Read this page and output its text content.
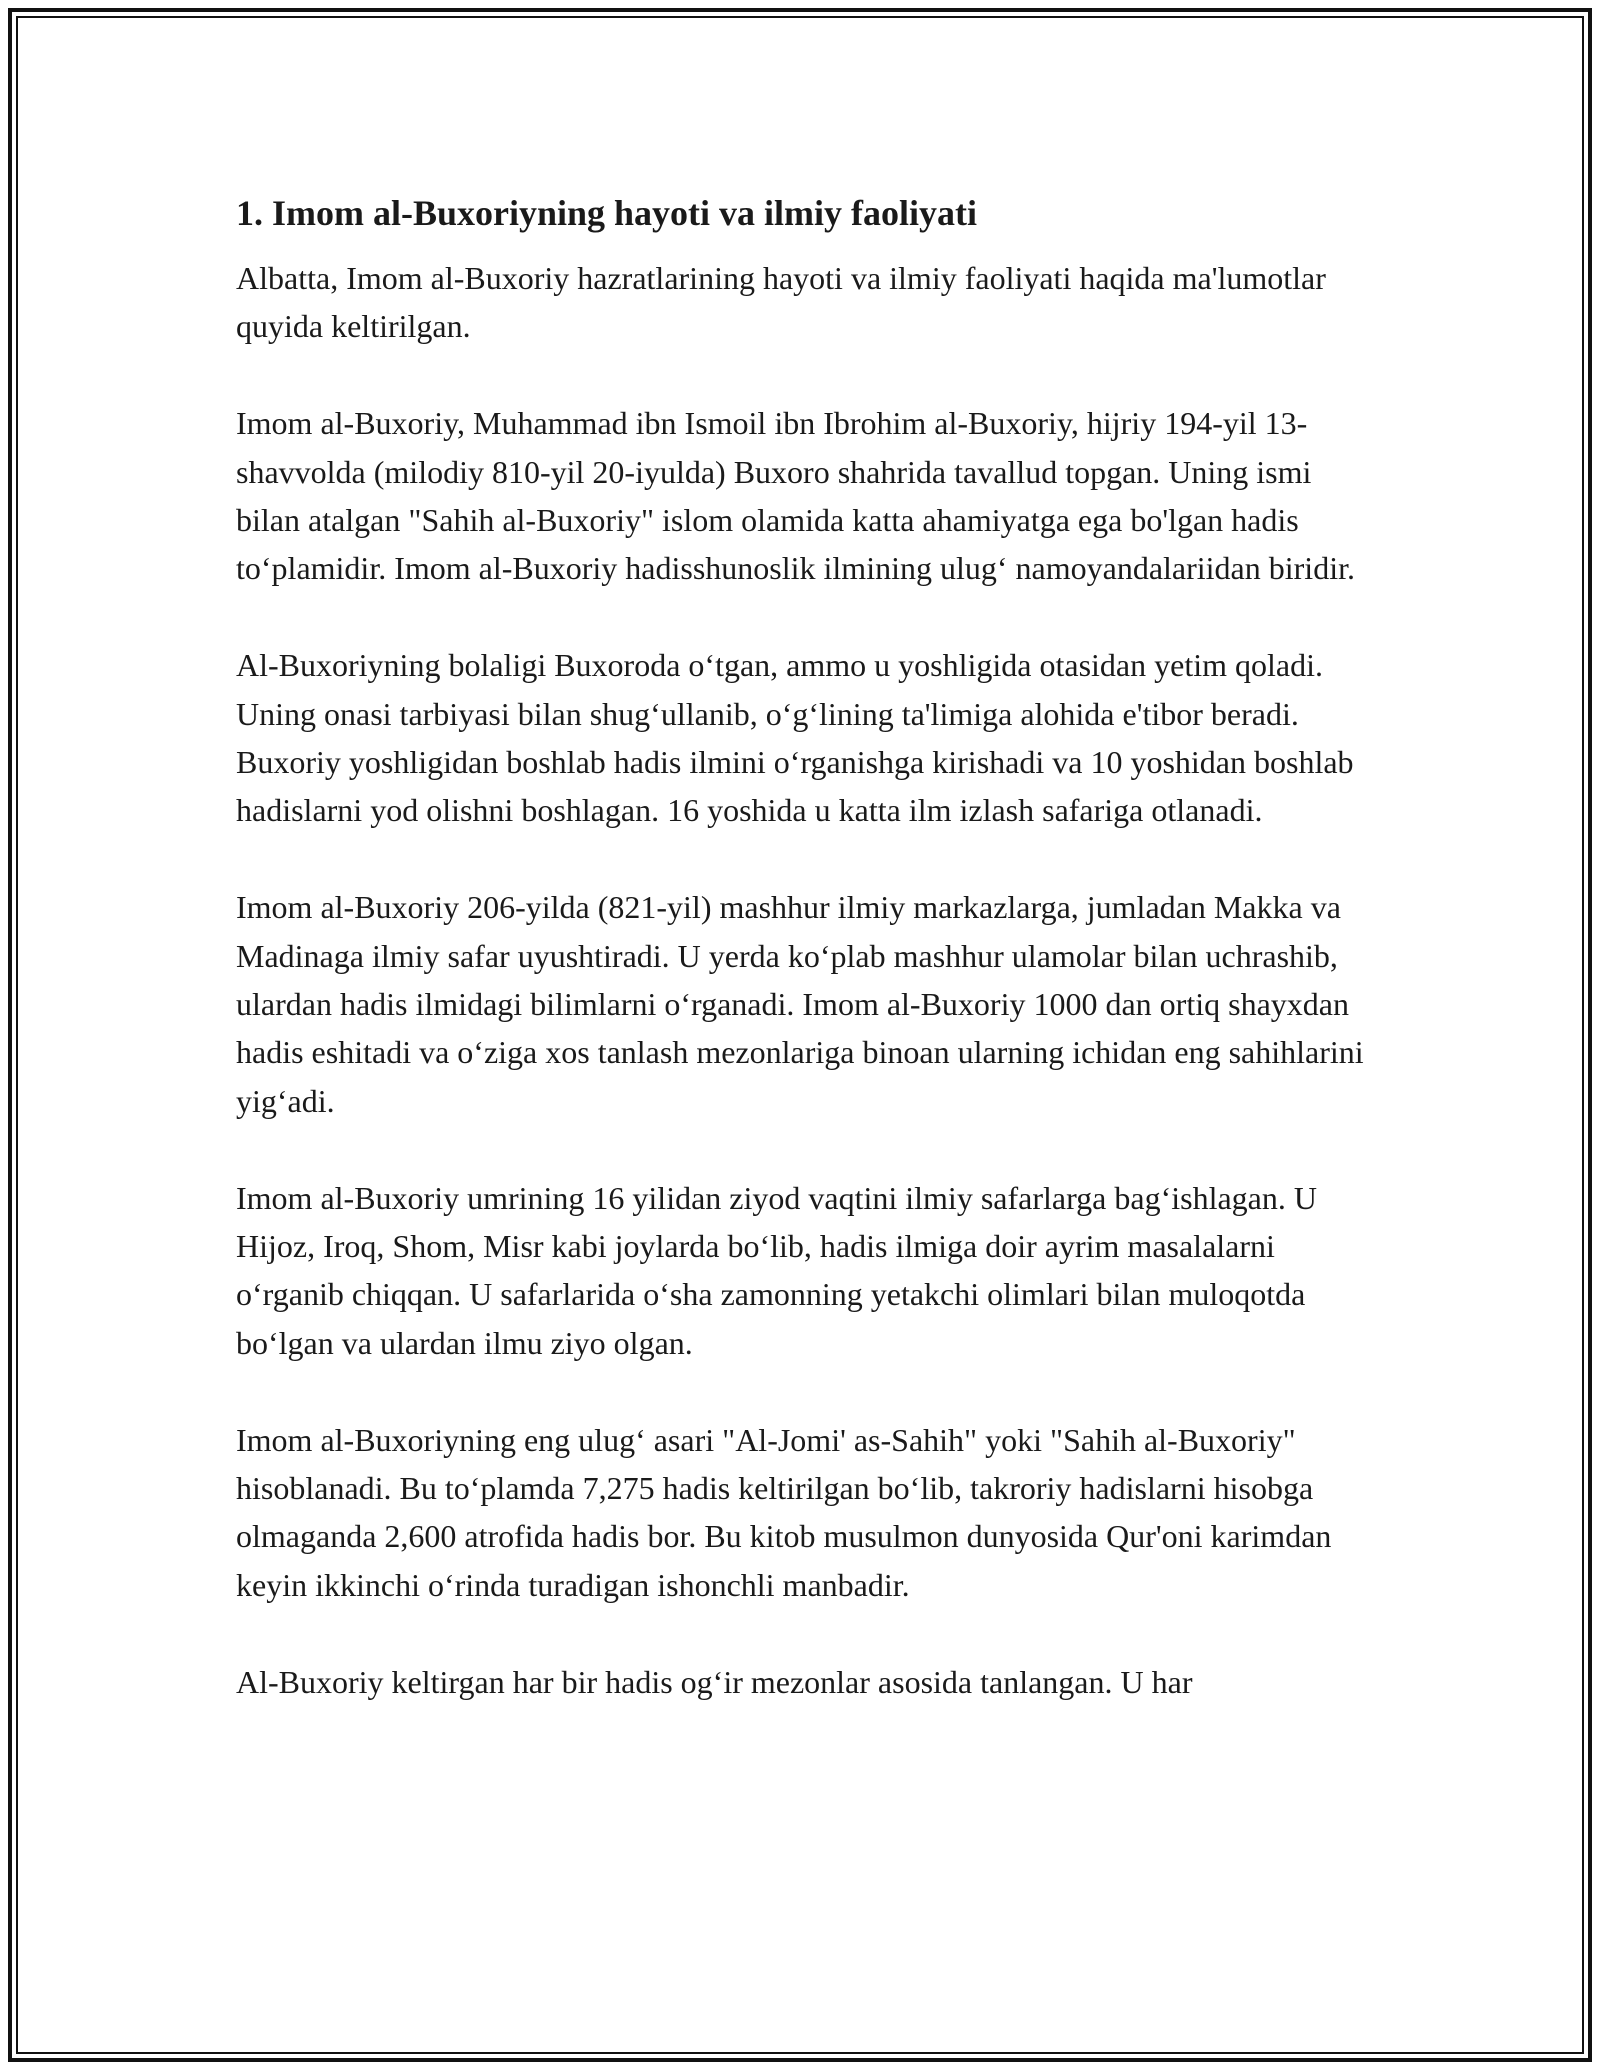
1. Imom al-Buxoriyning hayoti va ilmiy faoliyati

Albatta, Imom al-Buxoriy hazratlarining hayoti va ilmiy faoliyati haqida ma'lumotlar quyida keltirilgan.

Imom al-Buxoriy, Muhammad ibn Ismoil ibn Ibrohim al-Buxoriy, hijriy 194-yil 13-shavvolda (milodiy 810-yil 20-iyulda) Buxoro shahrida tavallud topgan. Uning ismi bilan atalgan "Sahih al-Buxoriy" islom olamida katta ahamiyatga ega bo'lgan hadis to‘plamidir. Imom al-Buxoriy hadisshunoslik ilmining ulug‘ namoyandalariidan biridir.

Al-Buxoriyning bolaligi Buxoroda o‘tgan, ammo u yoshligida otasidan yetim qoladi. Uning onasi tarbiyasi bilan shug‘ullanib, o‘g‘lining ta'limiga alohida e'tibor beradi. Buxoriy yoshligidan boshlab hadis ilmini o‘rganishga kirishadi va 10 yoshidan boshlab hadislarni yod olishni boshlagan. 16 yoshida u katta ilm izlash safariga otlanadi.

Imom al-Buxoriy 206-yilda (821-yil) mashhur ilmiy markazlarga, jumladan Makka va Madinaga ilmiy safar uyushtiradi. U yerda ko‘plab mashhur ulamolar bilan uchrashib, ulardan hadis ilmidagi bilimlarni o‘rganadi. Imom al-Buxoriy 1000 dan ortiq shayxdan hadis eshitadi va o‘ziga xos tanlash mezonlariga binoan ularning ichidan eng sahihlarini yig‘adi.

Imom al-Buxoriy umrining 16 yilidan ziyod vaqtini ilmiy safarlarga bag‘ishlagan. U Hijoz, Iroq, Shom, Misr kabi joylarda bo‘lib, hadis ilmiga doir ayrim masalalarni o‘rganib chiqqan. U safarlarida o‘sha zamonning yetakchi olimlari bilan muloqotda bo‘lgan va ulardan ilmu ziyo olgan.

Imom al-Buxoriyning eng ulug‘ asari "Al-Jomi' as-Sahih" yoki "Sahih al-Buxoriy" hisoblanadi. Bu to‘plamda 7,275 hadis keltirilgan bo‘lib, takroriy hadislarni hisobga olmaganda 2,600 atrofida hadis bor. Bu kitob musulmon dunyosida Qur'oni karimdan keyin ikkinchi o‘rinda turadigan ishonchli manbadir.

Al-Buxoriy keltirgan har bir hadis og‘ir mezonlar asosida tanlangan. U har
